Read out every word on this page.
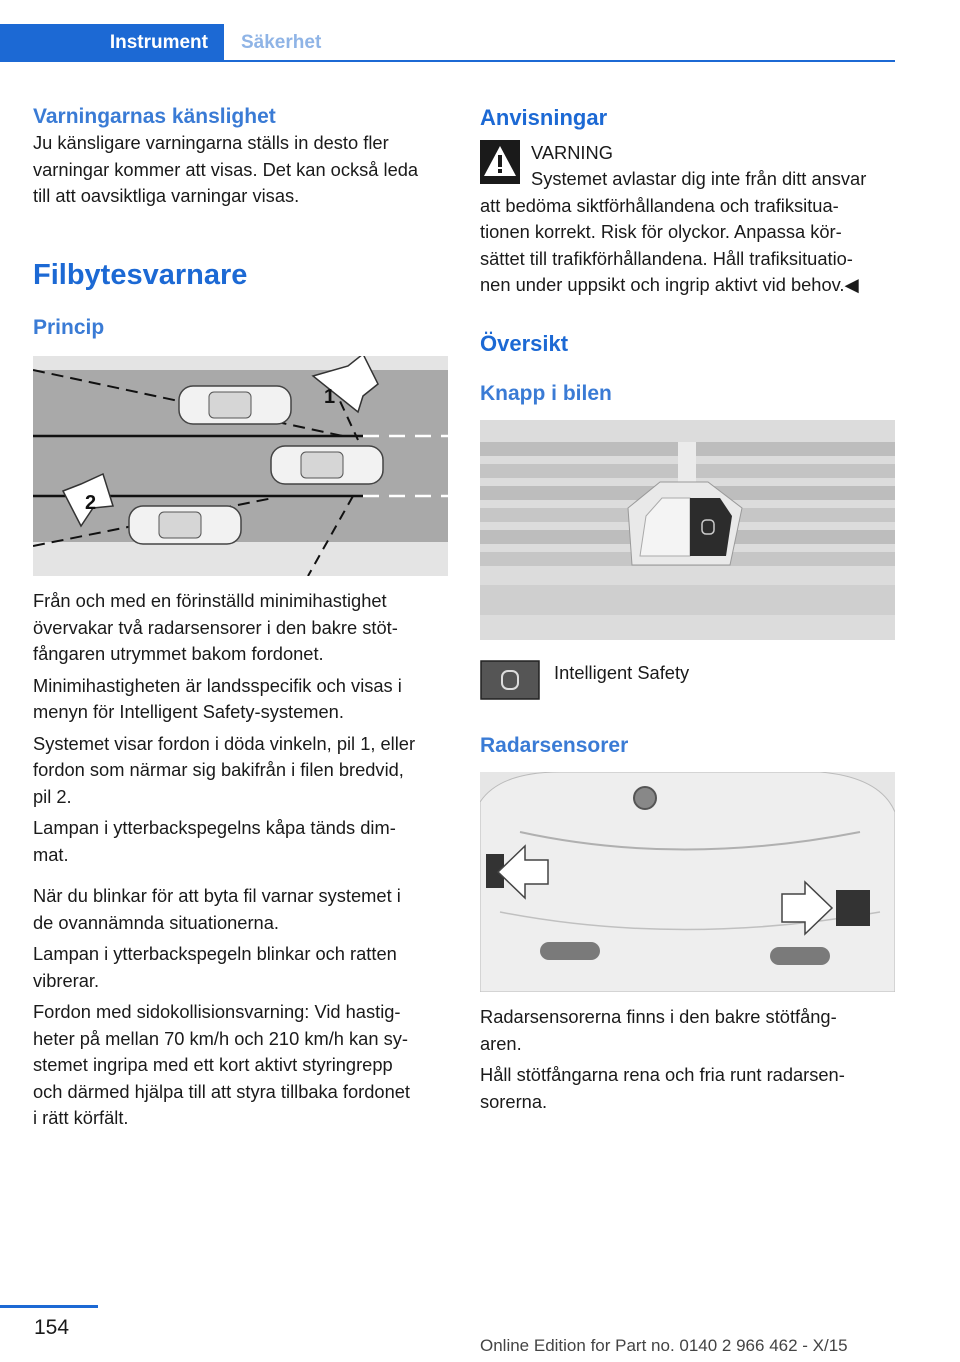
Instrument	Säkerhet
Varningarnas känslighet

Ju känsligare varningarna ställs in desto fler
varningar kommer att visas. Det kan också leda
till att oavsiktliga varningar visas.

Filbytesvarnare
Princip
1
2

Från och med en förinställd minimihastighet
övervakar två radarsensorer i den bakre stöt-
fångaren utrymmet bakom fordonet.

Minimihastigheten är landsspecifik och visas i
menyn för Intelligent Safety-systemen.

Systemet visar fordon i döda vinkeln, pil 1, eller
fordon som närmar sig bakifrån i filen bredvid,
pil 2.

Lampan i ytterbackspegelns kåpa tänds dim-
mat.

När du blinkar för att byta fil varnar systemet i
de ovannämnda situationerna.

Lampan i ytterbackspegeln blinkar och ratten
vibrerar.

Fordon med sidokollisionsvarning: Vid hastig-
heter på mellan 70 km/h och 210 km/h kan sy-
stemet ingripa med ett kort aktivt styringrepp
och därmed hjälpa till att styra tillbaka fordonet
i rätt körfält.

Anvisningar
VARNING
Systemet avlastar dig inte från ditt ansvar
att bedöma siktförhållandena och trafiksitua-
tionen korrekt. Risk för olyckor. Anpassa kör-
sättet till trafikförhållandena. Håll trafiksituatio-
nen under uppsikt och ingrip aktivt vid behov.◀
Översikt
Knapp i bilen
Intelligent Safety
Radarsensorer

Radarsensorerna finns i den bakre stötfång-
aren.

Håll stötfångarna rena och fria runt radarsen-
sorerna.

154
Online Edition for Part no. 0140 2 966 462 - X/15
